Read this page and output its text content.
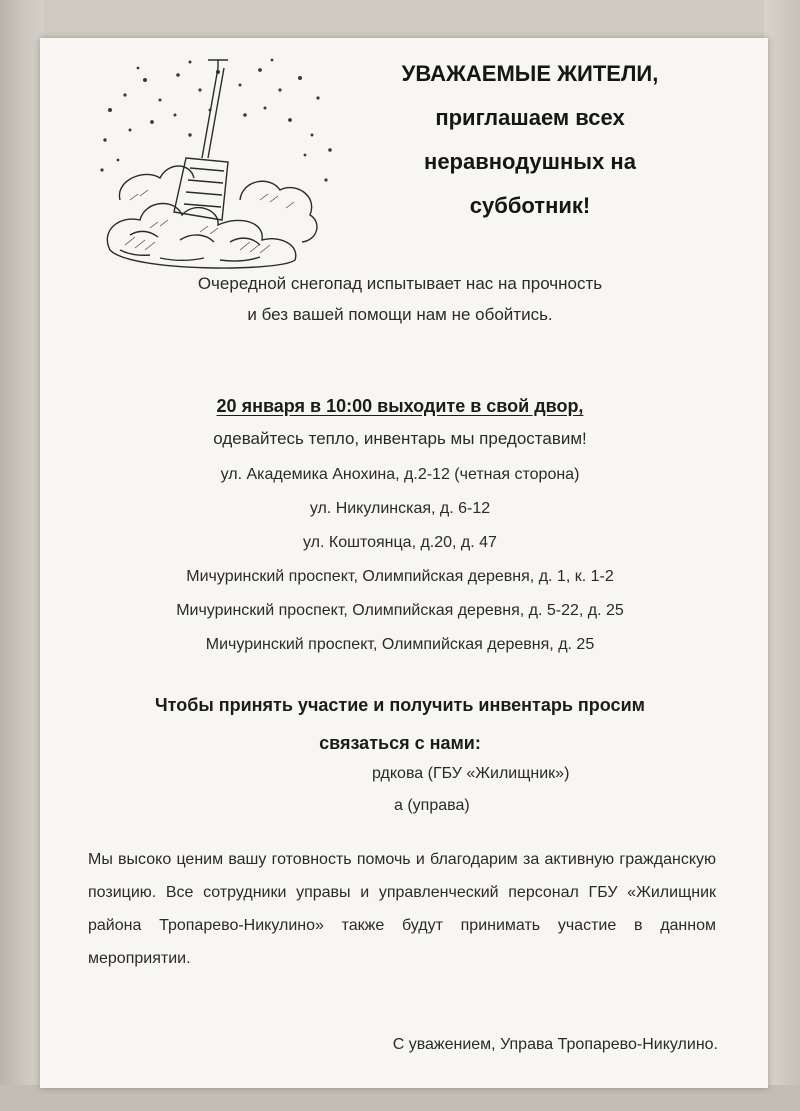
УВАЖАЕМЫЕ ЖИТЕЛИ,
приглашаем всех
неравнодушных на
субботник!
Очередной снегопад испытывает нас на прочность
и без вашей помощи нам не обойтись.
20 января в 10:00 выходите в свой двор,
одевайтесь тепло, инвентарь мы предоставим!
ул. Академика Анохина, д.2-12 (четная сторона)
ул. Никулинская, д. 6-12
ул. Коштоянца, д.20, д. 47
Мичуринский проспект, Олимпийская деревня, д. 1, к. 1-2
Мичуринский проспект, Олимпийская деревня, д. 5-22, д. 25
Мичуринский проспект, Олимпийская деревня, д. 25
Чтобы принять участие и получить инвентарь просим
связаться с нами:
рдкова (ГБУ «Жилищник»)
а (управа)
Мы высоко ценим вашу готовность помочь и благодарим за активную гражданскую позицию. Все сотрудники управы и управленческий персонал ГБУ «Жилищник района Тропарево-Никулино» также будут принимать участие в данном мероприятии.
С уважением, Управа Тропарево-Никулино.
